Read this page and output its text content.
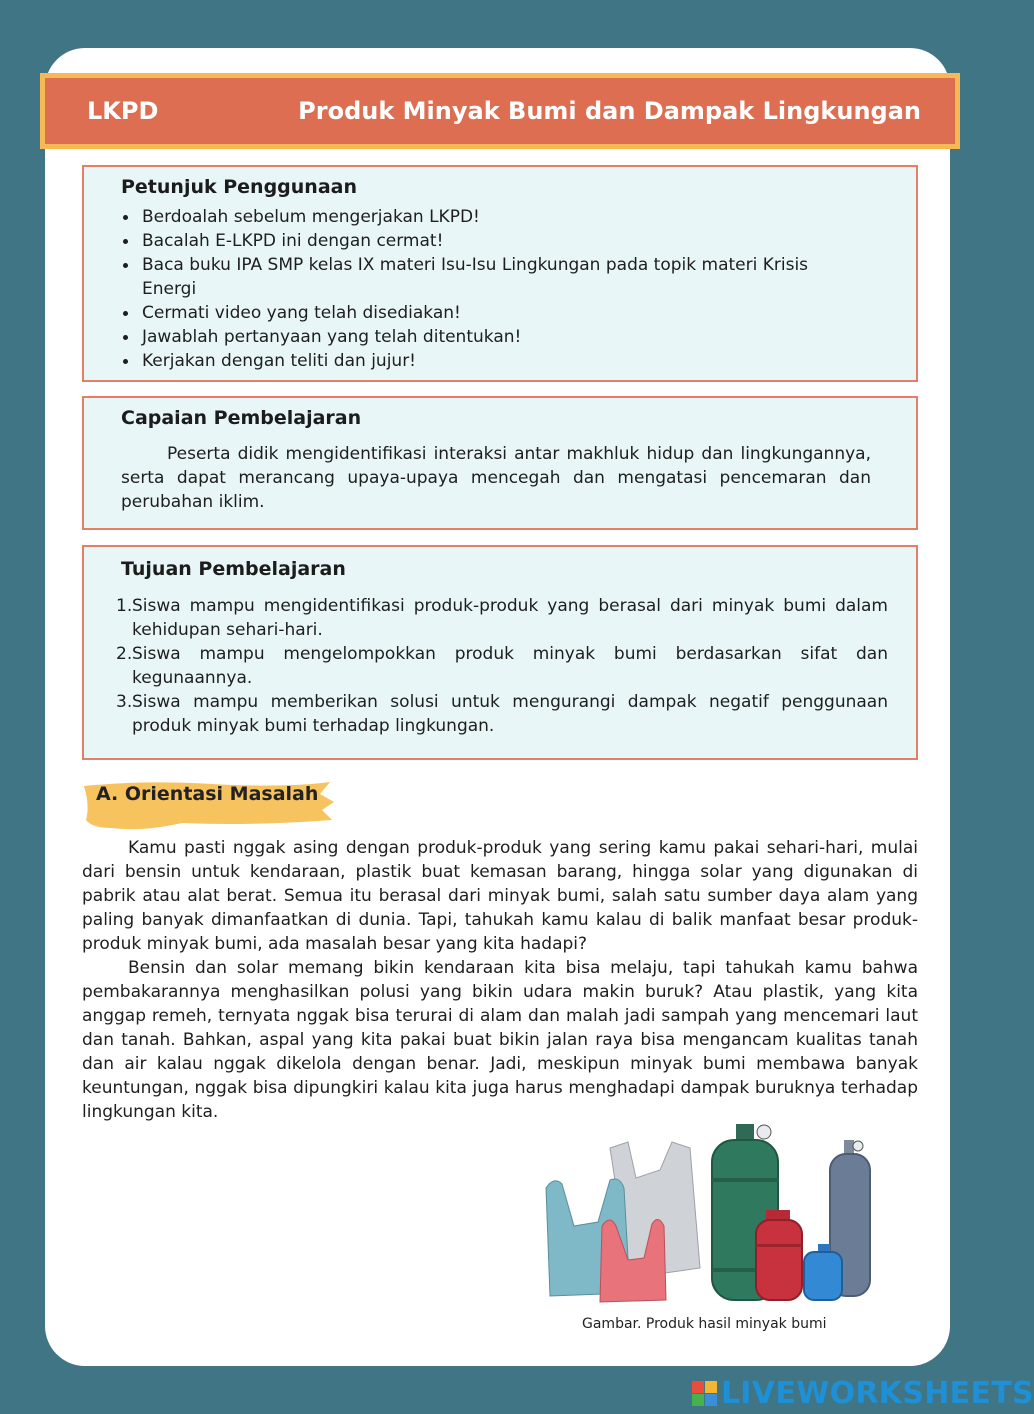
LKPD	Produk Minyak Bumi dan Dampak Lingkungan
Petunjuk Penggunaan
Berdoalah sebelum mengerjakan LKPD!
Bacalah E-LKPD ini dengan cermat!
Baca buku IPA SMP kelas IX materi Isu-Isu Lingkungan pada topik materi Krisis Energi
Cermati video yang telah disediakan!
Jawablah pertanyaan yang telah ditentukan!
Kerjakan dengan teliti dan jujur!
Capaian Pembelajaran

Peserta didik mengidentifikasi interaksi antar makhluk hidup dan lingkungannya, serta dapat merancang upaya-upaya mencegah dan mengatasi pencemaran dan perubahan iklim.

Tujuan Pembelajaran
1. Siswa mampu mengidentifikasi produk-produk yang berasal dari minyak bumi dalam kehidupan sehari-hari.
2. Siswa mampu mengelompokkan produk minyak bumi berdasarkan sifat dan kegunaannya.
3. Siswa mampu memberikan solusi untuk mengurangi dampak negatif penggunaan produk minyak bumi terhadap lingkungan.
A. Orientasi Masalah

Kamu pasti nggak asing dengan produk-produk yang sering kamu pakai sehari-hari, mulai dari bensin untuk kendaraan, plastik buat kemasan barang, hingga solar yang digunakan di pabrik atau alat berat. Semua itu berasal dari minyak bumi, salah satu sumber daya alam yang paling banyak dimanfaatkan di dunia. Tapi, tahukah kamu kalau di balik manfaat besar produk-produk minyak bumi, ada masalah besar yang kita hadapi?

Bensin dan solar memang bikin kendaraan kita bisa melaju, tapi tahukah kamu bahwa pembakarannya menghasilkan polusi yang bikin udara makin buruk? Atau plastik, yang kita anggap remeh, ternyata nggak bisa terurai di alam dan malah jadi sampah yang mencemari laut dan tanah. Bahkan, aspal yang kita pakai buat bikin jalan raya bisa mengancam kualitas tanah dan air kalau nggak dikelola dengan benar. Jadi, meskipun minyak bumi membawa banyak keuntungan, nggak bisa dipungkiri kalau kita juga harus menghadapi dampak buruknya terhadap lingkungan kita.

Gambar. Produk hasil minyak bumi
LIVEWORKSHEETS
